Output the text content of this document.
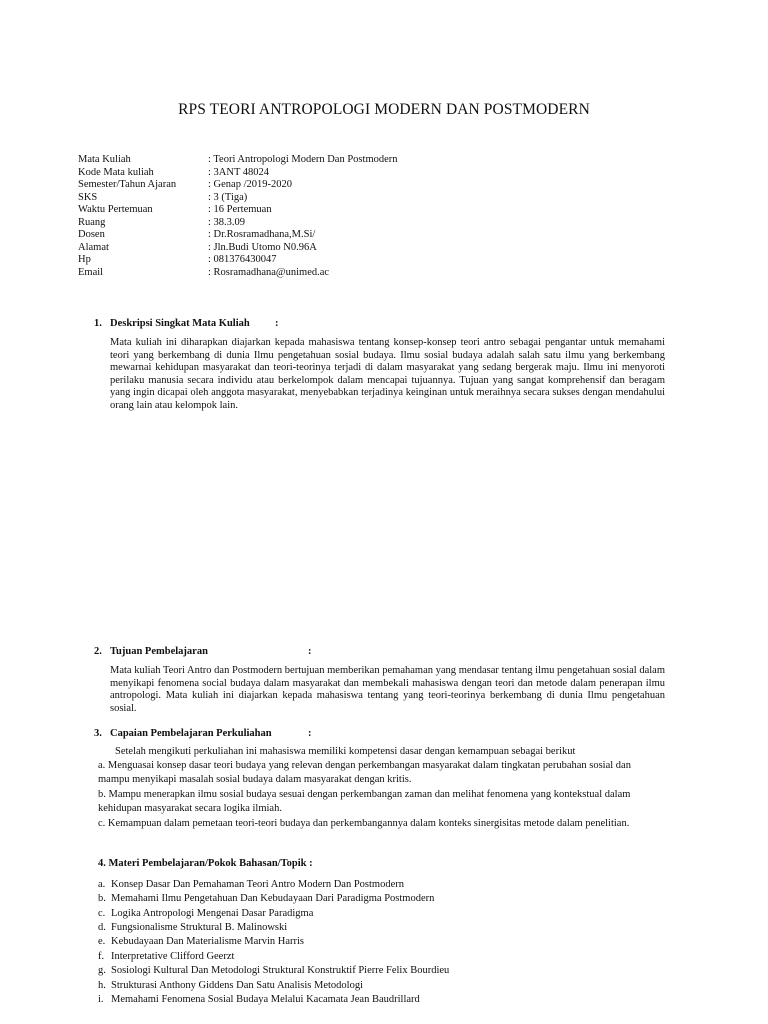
RPS TEORI ANTROPOLOGI MODERN DAN POSTMODERN
Mata Kuliah	: Teori Antropologi Modern Dan Postmodern
Kode Mata kuliah	: 3ANT 48024
Semester/Tahun Ajaran	: Genap /2019-2020
SKS	: 3 (Tiga)
Waktu Pertemuan	: 16 Pertemuan
Ruang	: 38.3.09
Dosen	: Dr.Rosramadhana,M.Si/
Alamat	: Jln.Budi Utomo N0.96A
Hp	: 081376430047
Email	: Rosramadhana@unimed.ac
1. Deskripsi Singkat Mata Kuliah :
Mata kuliah ini diharapkan diajarkan kepada mahasiswa tentang konsep-konsep teori antro sebagai pengantar untuk memahami teori yang berkembang di dunia Ilmu pengetahuan sosial budaya. Ilmu sosial budaya adalah salah satu ilmu yang berkembang mewarnai kehidupan masyarakat dan teori-teorinya terjadi di dalam masyarakat yang sedang bergerak maju. Ilmu ini menyoroti perilaku manusia secara individu atau berkelompok dalam mencapai tujuannya. Tujuan yang sangat komprehensif dan beragam yang ingin dicapai oleh anggota masyarakat, menyebabkan terjadinya keinginan untuk meraihnya secara sukses dengan mendahului orang lain atau kelompok lain.
2. Tujuan Pembelajaran	:
Mata kuliah Teori Antro dan Postmodern bertujuan memberikan pemahaman yang mendasar tentang ilmu pengetahuan sosial dalam menyikapi fenomena social budaya dalam masyarakat dan membekali mahasiswa dengan teori dan metode dalam penerapan ilmu antropologi. Mata kuliah ini diajarkan kepada mahasiswa tentang yang teori-teorinya berkembang di dunia Ilmu pengetahuan sosial.
3. Capaian Pembelajaran Perkuliahan	:
Setelah mengikuti perkuliahan ini mahasiswa memiliki kompetensi dasar dengan kemampuan sebagai berikut
a. Menguasai konsep dasar teori budaya yang relevan dengan perkembangan masyarakat dalam tingkatan perubahan sosial dan
mampu menyikapi masalah sosial budaya dalam masyarakat dengan kritis.
b. Mampu menerapkan ilmu sosial budaya sesuai dengan perkembangan zaman dan melihat fenomena yang kontekstual dalam
kehidupan masyarakat secara logika ilmiah.
c. Kemampuan dalam pemetaan teori-teori budaya dan perkembangannya dalam konteks sinergisitas metode dalam penelitian.
4. Materi Pembelajaran/Pokok Bahasan/Topik :
a. Konsep Dasar Dan Pemahaman Teori Antro Modern Dan Postmodern
b. Memahami Ilmu Pengetahuan Dan Kebudayaan Dari Paradigma Postmodern
c. Logika Antropologi Mengenai Dasar Paradigma
d. Fungsionalisme Struktural B. Malinowski
e. Kebudayaan Dan Materialisme Marvin Harris
f. Interpretative Clifford Geerzt
g. Sosiologi Kultural Dan Metodologi Struktural Konstruktif Pierre Felix Bourdieu
h. Strukturasi Anthony Giddens Dan Satu Analisis Metodologi
i. Memahami Fenomena Sosial Budaya Melalui Kacamata Jean Baudrillard
